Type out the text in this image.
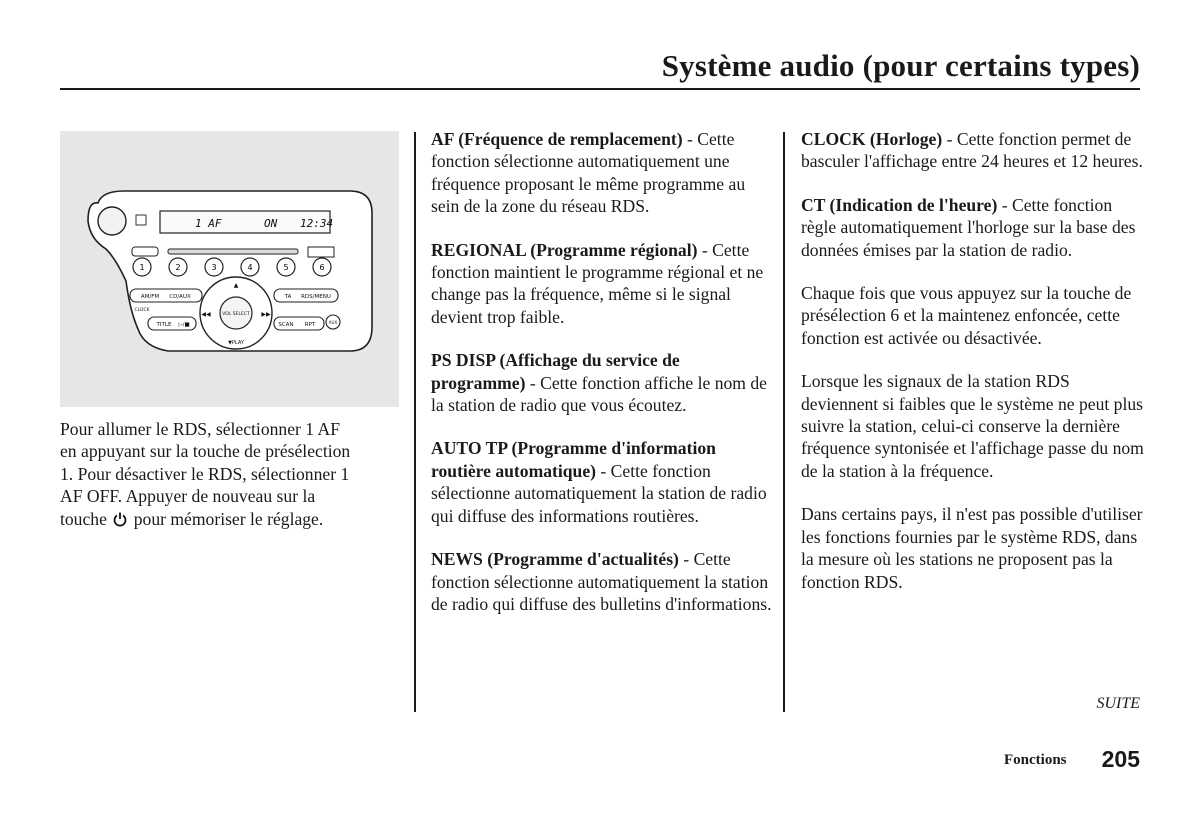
Système audio (pour certains types)
1 AF	ON 12:34
1	2	3	4	5	6
AM/FM CD/AUX
CLOCK
TITLE ▷/■
VOL SELECT
▼PLAY
▲
◀◀	▶▶
TA RDS/MENU
SCAN RPT	AUX

Pour allumer le RDS, sélectionner 1 AF en appuyant sur la touche de présélection 1. Pour désactiver le RDS, sélectionner 1 AF OFF. Appuyer de nouveau sur la touche pour mémoriser le réglage.

AF (Fréquence de remplacement) - Cette fonction sélectionne automatiquement une fréquence proposant le même programme au sein de la zone du réseau RDS.

REGIONAL (Programme régional) - Cette fonction maintient le programme régional et ne change pas la fréquence, même si le signal devient trop faible.

PS DISP (Affichage du service de programme) - Cette fonction affiche le nom de la station de radio que vous écoutez.

AUTO TP (Programme d'information routière automatique) - Cette fonction sélectionne automatiquement la station de radio qui diffuse des informations routières.

NEWS (Programme d'actualités) - Cette fonction sélectionne automatiquement la station de radio qui diffuse des bulletins d'informations.

CLOCK (Horloge) - Cette fonction permet de basculer l'affichage entre 24 heures et 12 heures.

CT (Indication de l'heure) - Cette fonction règle automatiquement l'horloge sur la base des données émises par la station de radio.

Chaque fois que vous appuyez sur la touche de présélection 6 et la maintenez enfoncée, cette fonction est activée ou désactivée.

Lorsque les signaux de la station RDS deviennent si faibles que le système ne peut plus suivre la station, celui-ci conserve la dernière fréquence syntonisée et l'affichage passe du nom de la station à la fréquence.

Dans certains pays, il n'est pas possible d'utiliser les fonctions fournies par le système RDS, dans la mesure où les stations ne proposent pas la fonction RDS.

SUITE
Fonctions 205
